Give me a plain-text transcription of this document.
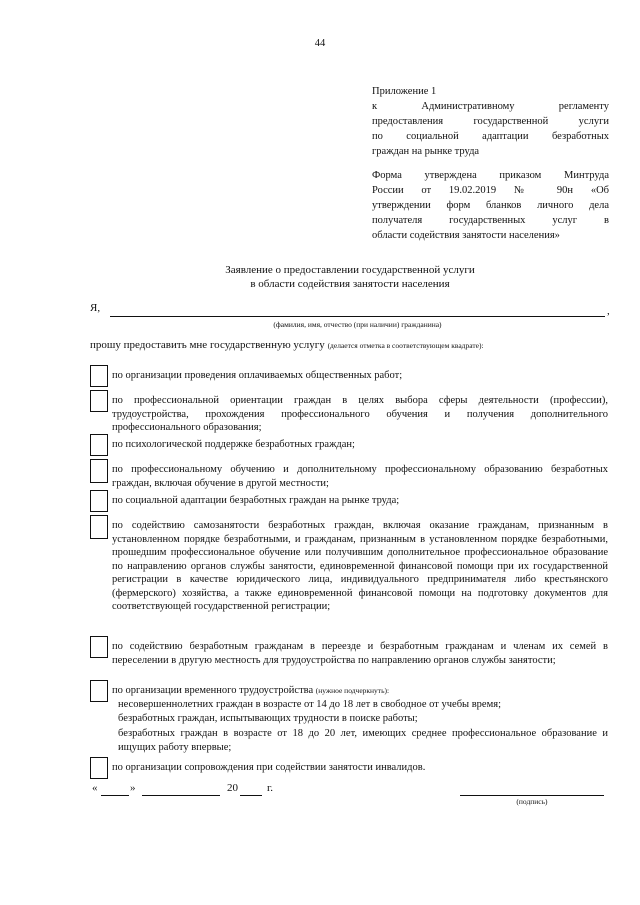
44
Приложение 1
к Административному регламенту
предоставления государственной услуги
по социальной адаптации безработных
граждан на рынке труда
Форма утверждена приказом Минтруда
России от 19.02.2019 № 90н «Об
утверждении форм бланков личного дела
получателя государственных услуг в
области содействия занятости населения»
Заявление о предоставлении государственной услуги
в области содействия занятости населения
Я,	,
(фамилия, имя, отчество (при наличии) гражданина)
прошу предоставить мне государственную услугу (делается отметка в соответствующем квадрате):
по организации проведения оплачиваемых общественных работ;
по профессиональной ориентации граждан в целях выбора сферы деятельности (профессии), трудоустройства, прохождения профессионального обучения и получения дополнительного профессионального образования;
по психологической поддержке безработных граждан;
по профессиональному обучению и дополнительному профессиональному образованию безработных граждан, включая обучение в другой местности;
по социальной адаптации безработных граждан на рынке труда;
по содействию самозанятости безработных граждан, включая оказание гражданам, признанным в установленном порядке безработными, и гражданам, признанным в установленном порядке безработными, прошедшим профессиональное обучение или получившим дополнительное профессиональное образование по направлению органов службы занятости, единовременной финансовой помощи при их государственной регистрации в качестве юридического лица, индивидуального предпринимателя либо крестьянского (фермерского) хозяйства, а также единовременной финансовой помощи на подготовку документов для соответствующей государственной регистрации;
по содействию безработным гражданам в переезде и безработным гражданам и членам их семей в переселении в другую местность для трудоустройства по направлению органов службы занятости;
по организации временного трудоустройства (нужное подчеркнуть):
по организации сопровождения при содействии занятости инвалидов.
несовершеннолетних граждан в возрасте от 14 до 18 лет в свободное от учебы время;
безработных граждан, испытывающих трудности в поиске работы;
безработных граждан в возрасте от 18 до 20 лет, имеющих среднее профессиональное образование и ищущих работу впервые;
«	»	20	г.
(подпись)
